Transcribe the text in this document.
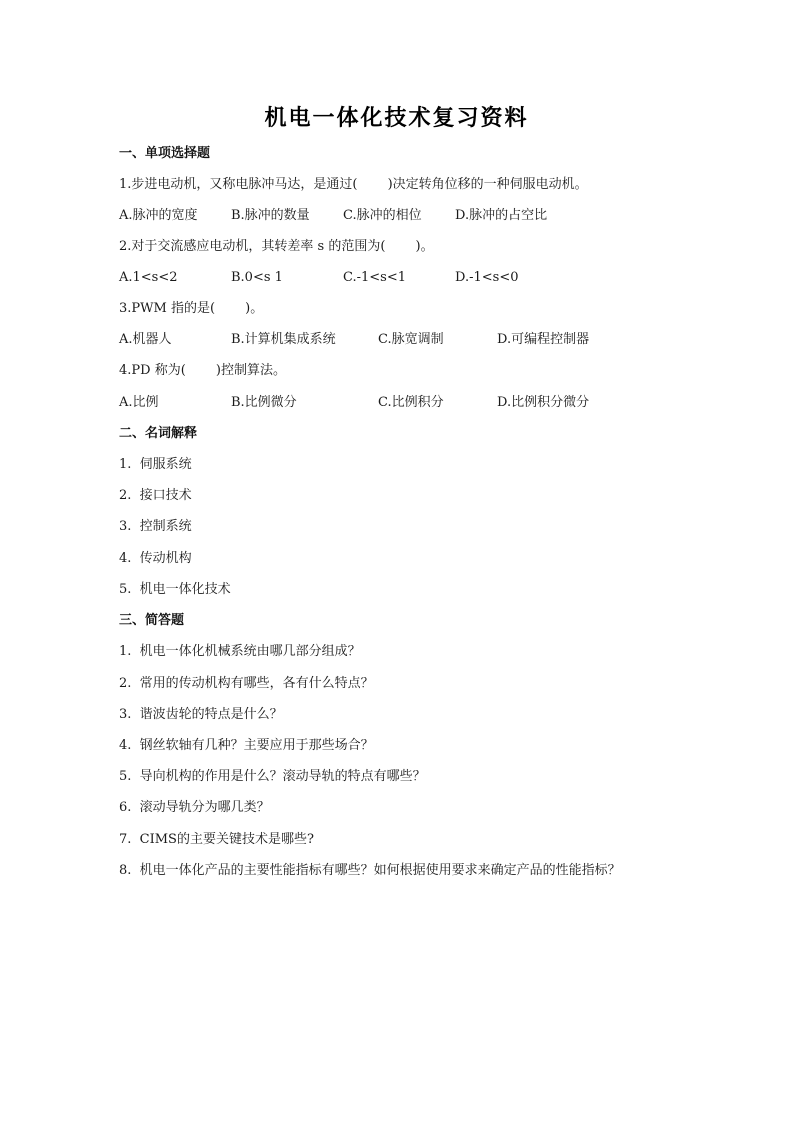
机电一体化技术复习资料
一、单项选择题
1.步进电动机，又称电脉冲马达，是通过(　　 )决定转角位移的一种伺服电动机。
A.脉冲的宽度	B.脉冲的数量	C.脉冲的相位	D.脉冲的占空比
2.对于交流感应电动机，其转差率 s 的范围为(　　 )。
A.1<s<2	B.0<s 1	C.-1<s<1	D.-1<s<0
3.PWM 指的是(　　 )。
A.机器人	B.计算机集成系统	C.脉宽调制	D.可编程控制器
4.PD 称为(　　 )控制算法。
A.比例	B.比例微分	C.比例积分	D.比例积分微分
二、名词解释
1.  伺服系统
2.  接口技术
3.  控制系统
4.  传动机构
5.  机电一体化技术
三、简答题
1.  机电一体化机械系统由哪几部分组成？
2.  常用的传动机构有哪些，各有什么特点？
3.  谐波齿轮的特点是什么？
4.  钢丝软轴有几种？主要应用于那些场合？
5.  导向机构的作用是什么？滚动导轨的特点有哪些？
6.  滚动导轨分为哪几类？
7.  CIMS的主要关键技术是哪些?
8.  机电一体化产品的主要性能指标有哪些？如何根据使用要求来确定产品的性能指标？
